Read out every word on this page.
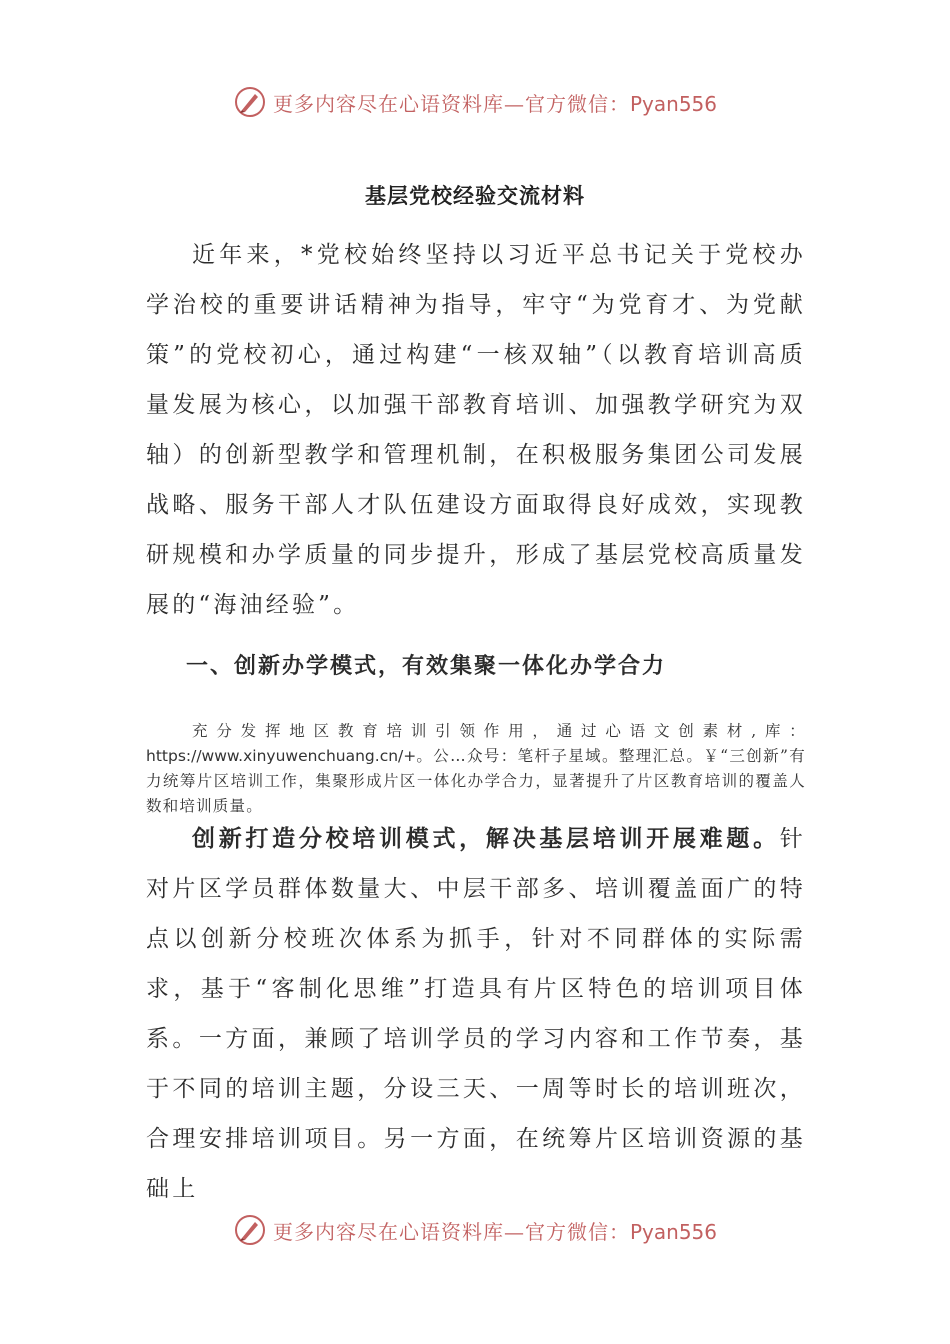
更多内容尽在心语资料库—官方微信：Pyan556
基层党校经验交流材料

近年来，*党校始终坚持以习近平总书记关于党校办学治校的重要讲话精神为指导，牢守“为党育才、为党献策”的党校初心，通过构建“一核双轴”（以教育培训高质量发展为核心，以加强干部教育培训、加强教学研究为双轴）的创新型教学和管理机制，在积极服务集团公司发展战略、服务干部人才队伍建设方面取得良好成效，实现教研规模和办学质量的同步提升，形成了基层党校高质量发展的“海油经验”。

一、创新办学模式，有效集聚一体化办学合力

充分发挥地区教育培训引领作用，通过心语文创素材,库：https://www.xinyuwenchuang.cn/+。公…众号：笔杆子星域。整理汇总。￥“三创新”有力统筹片区培训工作，集聚形成片区一体化办学合力，显著提升了片区教育培训的覆盖人数和培训质量。

创新打造分校培训模式，解决基层培训开展难题。针对片区学员群体数量大、中层干部多、培训覆盖面广的特点以创新分校班次体系为抓手，针对不同群体的实际需求，基于“客制化思维”打造具有片区特色的培训项目体系。一方面，兼顾了培训学员的学习内容和工作节奏，基于不同的培训主题，分设三天、一周等时长的培训班次，合理安排培训项目。另一方面，在统筹片区培训资源的基础上

更多内容尽在心语资料库—官方微信：Pyan556
